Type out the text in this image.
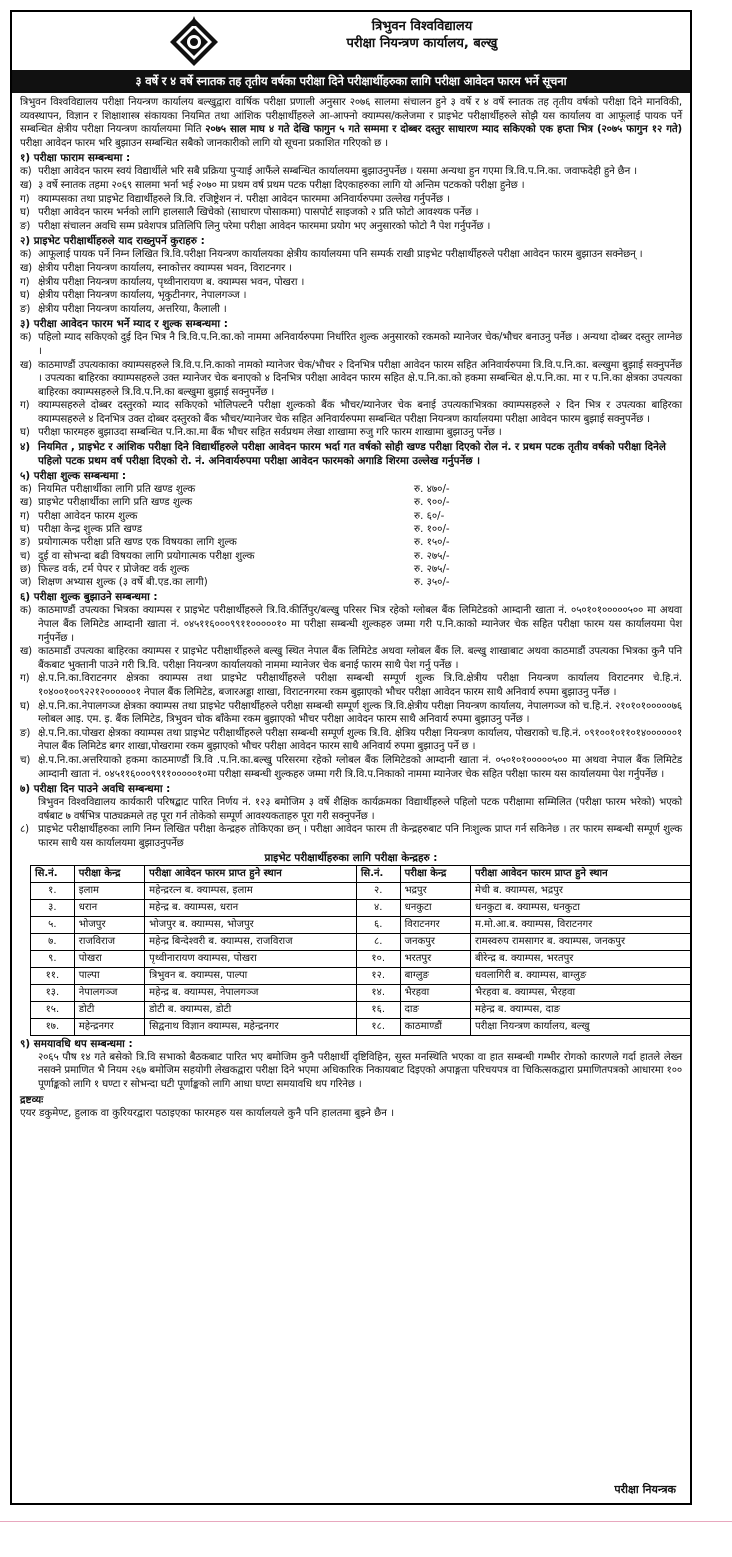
त्रिभुवन विश्वविद्यालय
परीक्षा नियन्त्रण कार्यालय, बल्खु
३ वर्षे र ४ वर्षे स्नातक तह तृतीय वर्षका परीक्षा दिने परीक्षार्थीहरुका लागि परीक्षा आवेदन फारम भर्ने सूचना
त्रिभुवन विश्वविद्यालय परीक्षा नियन्त्रण कार्यालय बल्खुद्वारा वार्षिक परीक्षा प्रणाली अनुसार २०७६ सालमा संचालन हुने ३ वर्षे र ४ वर्षे स्नातक तह तृतीय वर्षको परीक्षा दिने मानविकी, व्यवस्थापन, विज्ञान र शिक्षाशास्त्र संकायका नियमित तथा आंशिक परीक्षार्थीहरुले आ-आफ्नो क्याम्पस/कलेजमा र प्राइभेट परीक्षार्थीहरुले सोझै यस कार्यालय वा आफूलाई पायक पर्ने सम्बन्धित क्षेत्रीय परीक्षा नियन्त्रण कार्यालयमा मिति २०७५ साल माघ ४ गते देखि फागुन ५ गते सम्ममा र दोब्बर दस्तुर साधारण म्याद सकिएको एक हप्ता भित्र (२०७५ फागुन १२ गते) परीक्षा आवेदन फारम भरि बुझाउन सम्बन्धित सबैको जानकारीको लागि यो सूचना प्रकाशित गरिएको छ ।
१) परीक्षा फाराम सम्बन्धमा :
क) परीक्षा आवेदन फारम स्वयं विद्यार्थीले भरि सबै प्रक्रिया पुऱ्याई आफैंले सम्बन्धित कार्यालयमा बुझाउनुपर्नेछ । यसमा अन्यथा हुन गएमा त्रि.वि.प.नि.का. जवाफदेही हुने छैन ।
ख) ३ वर्षे स्नातक तहमा २०६९ सालमा भर्ना भई २०७० मा प्रथम वर्ष प्रथम पटक परीक्षा दिएकाहरुका लागि यो अन्तिम पटकको परीक्षा हुनेछ ।
ग) क्याम्पसका तथा प्राइभेट विद्यार्थीहरुले त्रि.वि. रजिष्ट्रेशन नं. परीक्षा आवेदन फारममा अनिवार्यरुपमा उल्लेख गर्नुपर्नेछ ।
घ) परीक्षा आवेदन फारम भर्नको लागि हालसालै खिचेको (साधारण पोसाकमा) पासपोर्ट साइजको २ प्रति फोटो आवश्यक पर्नेछ ।
ङ) परीक्षा संचालन अवधि सम्म प्रवेशपत्र प्रतिलिपि लिनु परेमा परीक्षा आवेदन फारममा प्रयोग भए अनुसारको फोटो नै पेश गर्नुपर्नेछ ।
२) प्राइभेट परीक्षार्थीहरुले याद राख्नुपर्ने कुराहरु :
क) आफूलाई पायक पर्ने निम्न लिखित त्रि.वि.परीक्षा नियन्त्रण कार्यालयका क्षेत्रीय कार्यालयमा पनि सम्पर्क राखी प्राइभेट परीक्षार्थीहरुले परीक्षा आवेदन फारम बुझाउन सक्नेछन् ।
ख) क्षेत्रीय परीक्षा नियन्त्रण कार्यालय, स्नाकोत्तर क्याम्पस भवन, विराटनगर ।
ग) क्षेत्रीय परीक्षा नियन्त्रण कार्यालय, पृथ्वीनारायण ब. क्याम्पस भवन, पोखरा ।
घ) क्षेत्रीय परीक्षा नियन्त्रण कार्यालय, भृकुटीनगर, नेपालगञ्ज ।
ङ) क्षेत्रीय परीक्षा नियन्त्रण कार्यालय, अत्तरिया, कैलाली ।
३) परीक्षा आवेदन फारम भर्ने म्याद र शुल्क सम्बन्धमा :
क) पहिलो म्याद सकिएको दुई दिन भित्र नै त्रि.वि.प.नि.का.को नाममा अनिवार्यरुपमा निर्धारित शुल्क अनुसारको रकमको म्यानेजर चेक/भौचर बनाउनु पर्नेछ । अन्यथा दोब्बर दस्तुर लाग्नेछ ।
ख) काठमाण्डौं उपत्यकाका क्याम्पसहरुले त्रि.वि.प.नि.काको नामको म्यानेजर चेक/भौचर २ दिनभित्र परीक्षा आवेदन फारम सहित अनिवार्यरुपमा त्रि.वि.प.नि.का. बल्खुमा बुझाई सक्नुपर्नेछ । उपत्यका बाहिरका क्याम्पसहरुले उक्त म्यानेजर चेक बनाएको ४ दिनभित्र परीक्षा आवेदन फारम सहित क्षे.प.नि.का.को हकमा सम्बन्धित क्षे.प.नि.का. मा र प.नि.का क्षेत्रका उपत्यका बाहिरका क्याम्पसहरुले त्रि.वि.प.नि.का बल्खुमा बुझाई सक्नुपर्नेछ ।
ग) क्याम्पसहरुले दोब्बर दस्तुरको म्याद सकिएको भोलिपल्टनै परीक्षा शुल्कको बैंक भौचर/म्यानेजर चेक बनाई उपत्यकाभित्रका क्याम्पसहरुले २ दिन भित्र र उपत्यका बाहिरका क्याम्पसहरुले ४ दिनभित्र उक्त दोब्बर दस्तुरको बैंक भौचर/म्यानेजर चेक सहित अनिवार्यरुपमा सम्बन्धित परीक्षा नियन्त्रण कार्यालयमा परीक्षा आवेदन फारम बुझाई सक्नुपर्नेछ ।
घ) परीक्षा फारमहरु बुझाउदा सम्बन्धित प.नि.का.मा बैंक भौचर सहित सर्वप्रथम लेखा शाखामा रुजु गरि फारम शाखामा बुझाउनु पर्नेछ ।
४) नियमित , प्राइभेट र आंशिक परीक्षा दिने विद्यार्थीहरुले परीक्षा आवेदन फारम भर्दा गत वर्षको सोही खण्ड परीक्षा दिएको रोल नं. र प्रथम पटक तृतीय वर्षको परीक्षा दिनेले पहिलो पटक प्रथम वर्ष परीक्षा दिएको रो. नं. अनिवार्यरुपमा परीक्षा आवेदन फारमको अगाडि शिरमा उल्लेख गर्नुपर्नेछ ।
५) परीक्षा शुल्क सम्बन्धमा :
क) नियमित परीक्षार्थीका लागि प्रति खण्ड शुल्क	रु. ४७०/-
ख) प्राइभेट परीक्षार्थीका लागि प्रति खण्ड शुल्क	रु. ९००/-
ग) परीक्षा आवेदन फारम शुल्क	रु. ६०/-
घ) परीक्षा केन्द्र शुल्क प्रति खण्ड	रु. १००/-
ङ) प्रयोगात्मक परीक्षा प्रति खण्ड एक विषयका लागि शुल्क	रु. १५०/-
च) दुई वा सोभन्दा बढी विषयका लागि प्रयोगात्मक परीक्षा शुल्क	रु. २७५/-
छ) फिल्ड वर्क, टर्म पेपर र प्रोजेक्ट वर्क शुल्क	रु. २७५/-
ज) शिक्षण अभ्यास शुल्क (३ वर्षे बी.एड.का लागी)	रु. ३५०/-
६) परीक्षा शुल्क बुझाउने सम्बन्धमा :
क) काठमाण्डौं उपत्यका भित्रका क्याम्पस र प्राइभेट परीक्षार्थीहरुले त्रि.वि.कीर्तिपुर/बल्खु परिसर भित्र रहेको ग्लोबल बैंक लिमिटेडको आम्दानी खाता नं. ०५०१०१०००००५०० मा अथवा नेपाल बैंक लिमिटेड आम्दानी खाता नं. ०४५११६०००९९११०००००१० मा परीक्षा सम्बन्धी शुल्कहरु जम्मा गरी प.नि.काको म्यानेजर चेक सहित परीक्षा फारम यस कार्यालयमा पेश गर्नुपर्नेछ ।
ख) काठमाडौं उपत्यका बाहिरका क्याम्पस र प्राइभेट परीक्षार्थीहरुले बल्खु स्थित नेपाल बैंक लिमिटेड अथवा ग्लोबल बैंक लि. बल्खु शाखाबाट अथवा काठमाडौं उपत्यका भित्रका कुनै पनि बैंकबाट भुक्तानी पाउने गरी त्रि.वि. परीक्षा नियन्त्रण कार्यालयको नाममा म्यानेजर चेक बनाई फारम साथै पेश गर्नु पर्नेछ ।
ग) क्षे.प.नि.का.विराटनगर क्षेत्रका क्याम्पस तथा प्राइभेट परीक्षार्थीहरुले परीक्षा सम्बन्धी सम्पूर्ण शुल्क त्रि.वि.क्षेत्रीय परीक्षा नियन्त्रण कार्यालय विराटनगर चे.हि.नं. १०४००१००९२२१२००००००१ नेपाल बैंक लिमिटेड, बजारअड्डा शाखा, विराटनगरमा रकम बुझाएको भौचर परीक्षा आवेदन फारम साथै अनिवार्य रुपमा बुझाउनु पर्नेछ ।
घ) क्षे.प.नि.का.नेपालगञ्ज क्षेत्रका क्याम्पस तथा प्राइभेट परीक्षार्थीहरुले परीक्षा सम्बन्धी सम्पूर्ण शुल्क त्रि.वि.क्षेत्रीय परीक्षा नियन्त्रण कार्यालय, नेपालगञ्ज को च.हि.नं. २१०१०१०००००७६ ग्लोबल आइ. एम. इ. बैंक लिमिटेड, त्रिभुवन चोक बाँकेमा रकम बुझाएको भौचर परीक्षा आवेदन फारम साथै अनिवार्य रुपमा बुझाउनु पर्नेछ ।
ङ) क्षे.प.नि.का.पोखरा क्षेत्रका क्याम्पस तथा प्राइभेट परीक्षार्थीहरुले परीक्षा सम्बन्धी सम्पूर्ण शुल्क त्रि.वि. क्षेत्रिय परीक्षा नियन्त्रण कार्यालय, पोखराको च.हि.नं. ०९१००१०११०१४००००००१ नेपाल बैंक लिमिटेड बगर शाखा,पोखरामा रकम बुझाएको भौचर परीक्षा आवेदन फारम साथै अनिवार्य रुपमा बुझाउनु पर्ने छ ।
च) क्षे.प.नि.का.अत्तरियाको हकमा काठमाण्डौं त्रि.वि .प.नि.का.बल्खु परिसरमा रहेको ग्लोबल बैंक लिमिटेडको आम्दानी खाता नं. ०५०१०१०००००५०० मा अथवा नेपाल बैंक लिमिटेड आम्दानी खाता नं. ०४५११६०००९९११०००००१०मा परीक्षा सम्बन्धी शुल्कहरु जम्मा गरी त्रि.वि.प.निकाको नाममा म्यानेजर चेक सहित परीक्षा फारम यस कार्यालयमा पेश गर्नुपर्नेछ ।
७) परीक्षा दिन पाउने अवधि सम्बन्धमा :
त्रिभुवन विश्वविद्यालय कार्यकारी परिषद्बाट पारित निर्णय नं. १२३ बमोजिम ३ वर्षे शैक्षिक कार्यक्रमका विद्यार्थीहरुले पहिलो पटक परीक्षामा सम्मिलित (परीक्षा फारम भरेको) भएको वर्षबाट ७ वर्षभित्र पाठ्यक्रमले तह पूरा गर्न तोकेको सम्पूर्ण आवश्यकताहरु पूरा गरी सक्नुपर्नेछ ।
८) प्राइभेट परीक्षार्थीहरुका लागि निम्न लिखित परीक्षा केन्द्रहरु तोकिएका छन् । परीक्षा आवेदन फारम ती केन्द्रहरुबाट पनि निःशुल्क प्राप्त गर्न सकिनेछ । तर फारम सम्बन्धी सम्पूर्ण शुल्क फारम साथै यस कार्यालयमा बुझाउनुपर्नेछ
प्राइभेट परीक्षार्थीहरुका लागि परीक्षा केन्द्रहरु :
सि.नं.	परीक्षा केन्द्र	परीक्षा आवेदन फारम प्राप्त हुने स्थान	सि.नं.	परीक्षा केन्द्र	परीक्षा आवेदन फारम प्राप्त हुने स्थान
१.	इलाम	महेन्द्ररत्न ब. क्याम्पस, इलाम	२.	भद्रपुर	मेची ब. क्याम्पस, भद्रपुर
३.	धरान	महेन्द्र ब. क्याम्पस, धरान	४.	धनकुटा	धनकुटा ब. क्याम्पस, धनकुटा
५.	भोजपुर	भोजपुर ब. क्याम्पस, भोजपुर	६.	विराटनगर	म.मो.आ.ब. क्याम्पस, विराटनगर
७.	राजविराज	महेन्द्र बिन्देश्वरी ब. क्याम्पस, राजविराज	८.	जनकपुर	रामस्वरुप रामसागर ब. क्याम्पस, जनकपुर
९.	पोखरा	पृथ्वीनारायण क्याम्पस, पोखरा	१०.	भरतपुर	बीरेन्द्र ब. क्याम्पस, भरतपुर
११.	पाल्पा	त्रिभुवन ब. क्याम्पस, पाल्पा	१२.	बाग्लुङ	धवलागिरी ब. क्याम्पस, बाग्लुङ
१३.	नेपालगञ्ज	महेन्द्र ब. क्याम्पस, नेपालगञ्ज	१४.	भैरहवा	भैरहवा ब. क्याम्पस, भैरहवा
१५.	डोटी	डोटी ब. क्याम्पस, डोटी	१६.	दाङ	महेन्द्र ब. क्याम्पस, दाङ
१७.	महेन्द्रनगर	सिद्वनाथ विज्ञान क्याम्पस, महेन्द्रनगर	१८.	काठमाण्डौं	परीक्षा नियन्त्रण कार्यालय, बल्खु
९) समयावधि थप सम्बन्धमा :
२०६५ पौष १४ गते बसेको त्रि.वि सभाको बैठकबाट पारित भए बमोजिम कुनै परीक्षार्थी दृष्टिविहिन, सुस्त मनस्थिति भएका वा हात सम्बन्धी गम्भीर रोगको कारणले गर्दा हातले लेख्न नसक्ने प्रमाणित भै नियम २६७ बमोजिम सहयोगी लेखकद्वारा परीक्षा दिने भएमा अधिकारिक निकायबाट दिइएको अपाङ्गता परिचयपत्र वा चिकित्सकद्वारा प्रमाणितपत्रको आधारमा १०० पूर्णाङ्कको लागि १ घण्टा र सोभन्दा घटी पूर्णाङ्कको लागि आधा घण्टा समयावधि थप गरिनेछ ।
द्रष्टव्यः
एयर डकुमेण्ट, हुलाक वा कुरियरद्वारा पठाइएका फारमहरु यस कार्यालयले कुनै पनि हालतमा बुझ्ने छैन ।
परीक्षा नियन्त्रक
